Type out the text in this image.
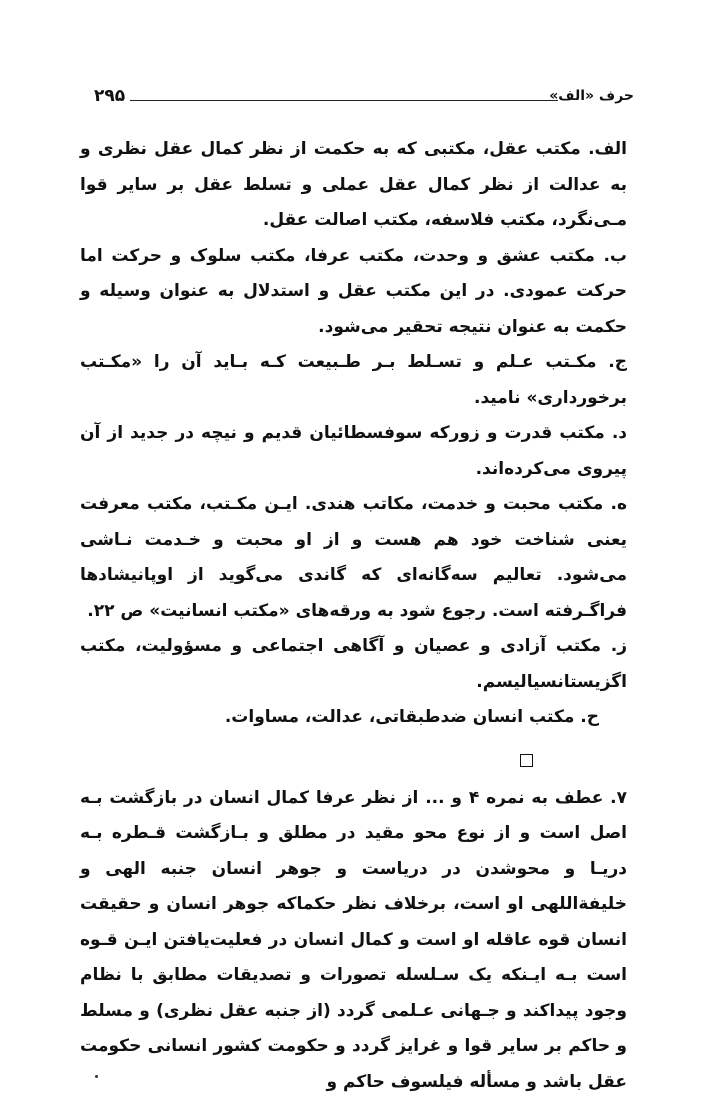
۲۹۵	حرف «الف»

الف. مکتب عقل، مکتبی که به حکمت از نظر کمال عقل نظری و به عدالت از نظر کمال عقل عملی و تسلط عقل بر سایر قوا مـی‌نگرد، مکتب فلاسفه، مکتب اصالت عقل.

ب. مکتب عشق و وحدت، مکتب عرفا، مکتب سلوک و حرکت اما حرکت عمودی. در این مکتب عقل و استدلال به عنوان وسیله و حکمت به عنوان نتیجه تحقیر می‌شود.

ج. مکـتب عـلم و تسـلط بـر طـبیعت کـه بـاید آن را «مکـتب برخورداری» نامید.

د. مکتب قدرت و زورکه سوفسطائیان قدیم و نیچه در جدید از آن پیروی می‌کرده‌اند.

ه. مکتب محبت و خدمت، مکاتب هندی. ایـن مکـتب، مکتب معرفت یعنی شناخت خود هم هست و از او محبت و خـدمت نـاشی می‌شود. تعالیم سه‌گانه‌ای که گاندی می‌گوید از اوپانیشادها فراگـرفته است. رجوع شود به ورقه‌های «مکتب انسانیت» ص ۲۲.

ز. مکتب آزادی و عصیان و آگاهی اجتماعی و مسؤولیت، مکتب اگزیستانسیالیسم.

ح. مکتب انسان ضدطبقاتی، عدالت، مساوات.

۷. عطف به نمره ۴ و ... از نظر عرفا کمال انسان در بازگشت بـه اصل است و از نوع محو مقید در مطلق و بـازگشت قـطره بـه دریـا و محوشدن در دریاست و جوهر انسان جنبه الهی و خلیفةاللهی او است، برخلاف نظر حکماکه جوهر انسان و حقیقت انسان قوه عاقله او است و کمال انسان در فعلیت‌یافتن ایـن قـوه است بـه ایـنکه یک سـلسله تصورات و تصدیقات مطابق با نظام وجود پیداکند و جـهانی عـلمی گردد (از جنبه عقل نظری) و مسلط و حاکم بر سایر قوا و غرایز گردد و حکومت کشور انسانی حکومت عقل باشد و مسأله فیلسوف حاکم و
